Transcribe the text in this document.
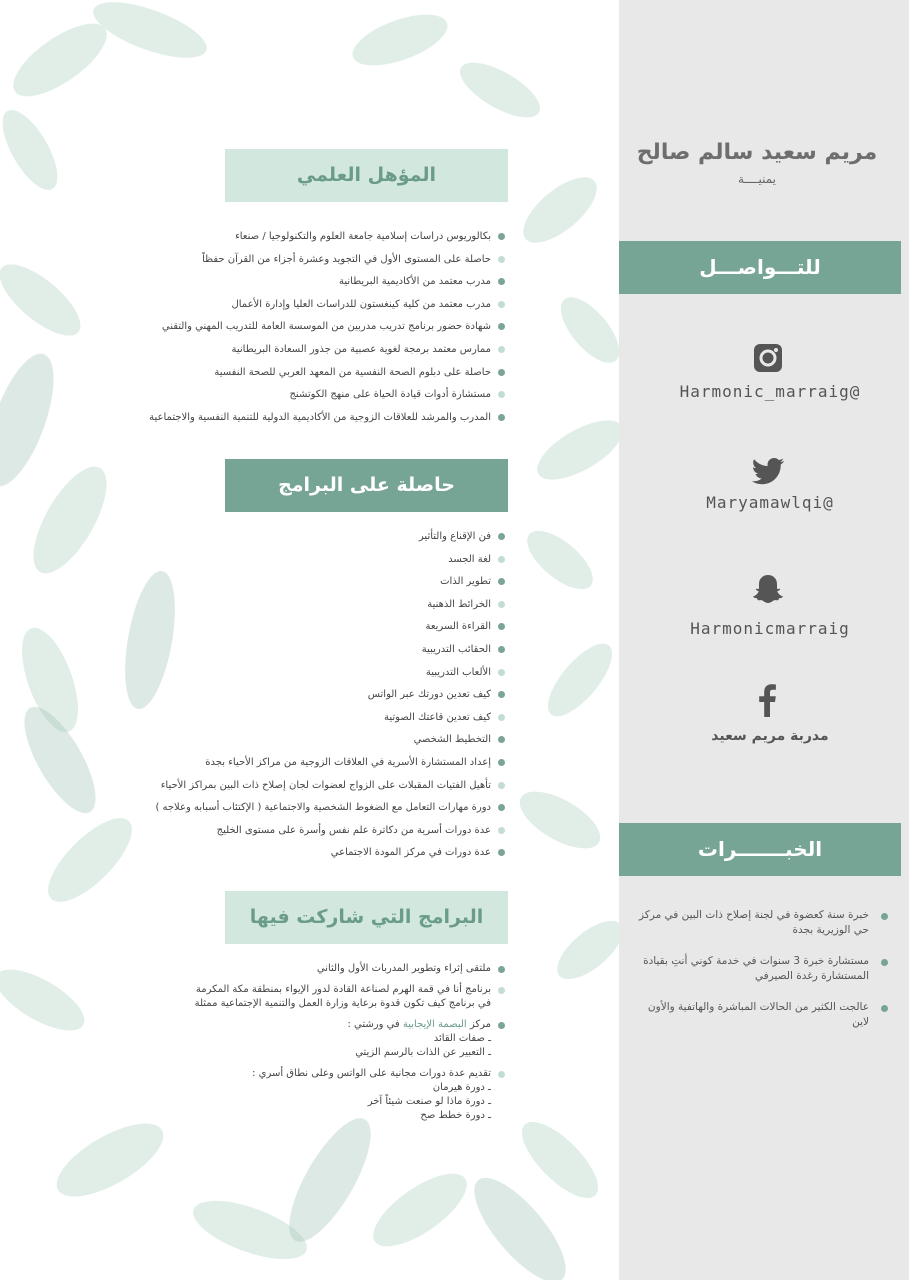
مريم سعيد سالم صالح
يمنيــــة
للتـــواصـــل
@Harmonic_marraig
@Maryamawlqi
Harmonicmarraig
مدربة مريم سعيد
الخبـــــــرات
خبرة سنة كعضوة في لجنة إصلاح ذات البين في مركز حي الوزيرية بجدة
مستشارة خبرة 3 سنوات في خدمة كوني أنتِ بقيادة المستشارة رغدة الصيرفي
عالجت الكثير من الحالات المباشرة والهاتفية والأون لاين
المؤهل العلمي
بكالوريوس دراسات إسلامية جامعة العلوم والتكنولوجيا / صنعاء
حاصلة على المستوى الأول في التجويد وعشرة أجزاء من القرآن حفظاً
مدرب معتمد من الأكاديمية البريطانية
مدرب معتمد من كلية كينغستون للدراسات العليا وإدارة الأعمال
شهادة حضور برنامج تدريب مدربين من الموسسة العامة للتدريب المهني والتقني
ممارس معتمد برمجة لغوية عصبية من جذور السعادة البريطانية
حاصلة على دبلوم الصحة النفسية من المعهد العربي للصحة النفسية
مستشارة أدوات قيادة الحياة على منهج الكوتشنج
المدرب والمرشد للعلاقات الزوجية من الأكاديمية الدولية للتنمية النفسية والاجتماعية
حاصلة على البرامج
فن الإقناع والتأثير
لغة الجسد
تطوير الذات
الخرائط الذهنية
القراءة السريعة
الحقائب التدريبية
الألعاب التدريبية
كيف تعدين دورتك عبر الواتس
كيف تعدين قاعتك الصوتية
التخطيط الشخصي
إعداد المستشارة الأسرية في العلاقات الزوجية من مراكز الأحياء بجدة
تأهيل الفتيات المقبلات على الزواج لعضوات لجان إصلاح ذات البين بمراكز الأحياء
دورة مهارات التعامل مع الضغوط الشخصية والاجتماعية ( الإكتئاب أسبابه وعلاجه )
عدة دورات أسرية من دكاترة علم نفس وأسرة على مستوى الخليج
عدة دورات في مركز المودة الاجتماعي
البرامج التي شاركت فيها
ملتقى إثراء وتطوير المدربات الأول والثاني
برنامج أنا في قمة الهرم لصناعة القادة لدور الإيواء بمنطقة مكة المكرمة
في برنامج كيف تكون قدوة برعاية وزارة العمل والتنمية الإجتماعية ممثلة
مركز البصمة الإيجابية في ورشتي :
ـ صفات القائد
ـ التعبير عن الذات بالرسم الزيتي
تقديم عدة دورات مجانية على الواتس وعلى نطاق أسري :
ـ دورة هيرمان
ـ دورة ماذا لو صنعت شيئاً آخر
ـ دورة خطط صح
